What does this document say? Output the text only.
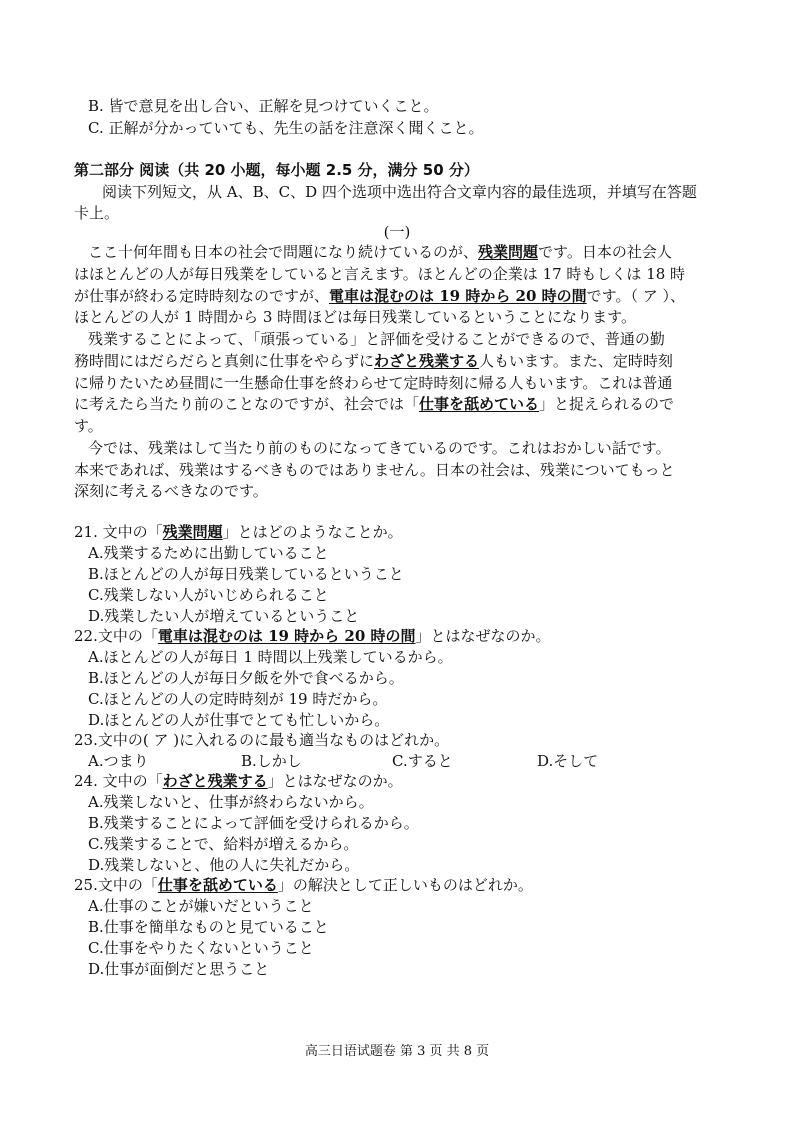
B. 皆で意見を出し合い、正解を見つけていくこと。
C. 正解が分かっていても、先生の話を注意深く聞くこと。
第二部分 阅读（共 20 小题，每小题 2.5 分，满分 50 分）
阅读下列短文，从 A、B、C、D 四个选项中选出符合文章内容的最佳选项，并填写在答题
卡上。
(一)
ここ十何年間も日本の社会で問題になり続けているのが、残業問題です。日本の社会人
はほとんどの人が毎日残業をしていると言えます。ほとんどの企業は 17 時もしくは 18 時
が仕事が終わる定時時刻なのですが、電車は混むのは 19 時から 20 時の間です。（ ア ）、
ほとんどの人が 1 時間から 3 時間ほどは毎日残業しているということになります。
残業することによって、「頑張っている」と評価を受けることができるので、普通の勤
務時間にはだらだらと真剣に仕事をやらずにわざと残業する人もいます。また、定時時刻
に帰りたいため昼間に一生懸命仕事を終わらせて定時時刻に帰る人もいます。これは普通
に考えたら当たり前のことなのですが、社会では「仕事を舐めている」と捉えられるので
す。
今では、残業はして当たり前のものになってきているのです。これはおかしい話です。
本来であれば、残業はするべきものではありません。日本の社会は、残業についてもっと
深刻に考えるべきなのです。
21. 文中の「残業問題」とはどのようなことか。
A.残業するために出勤していること
B.ほとんどの人が毎日残業しているということ
C.残業しない人がいじめられること
D.残業したい人が増えているということ
22.文中の「電車は混むのは 19 時から 20 時の間」とはなぜなのか。
A.ほとんどの人が毎日 1 時間以上残業しているから。
B.ほとんどの人が毎日夕飯を外で食べるから。
C.ほとんどの人の定時時刻が 19 時だから。
D.ほとんどの人が仕事でとても忙しいから。
23.文中の( ア )に入れるのに最も適当なものはどれか。
A.つまり	B.しかし	C.すると	D.そして
24. 文中の「わざと残業する」とはなぜなのか。
A.残業しないと、仕事が終わらないから。
B.残業することによって評価を受けられるから。
C.残業することで、給料が増えるから。
D.残業しないと、他の人に失礼だから。
25.文中の「仕事を舐めている」の解決として正しいものはどれか。
A.仕事のことが嫌いだということ
B.仕事を簡単なものと見ていること
C.仕事をやりたくないということ
D.仕事が面倒だと思うこと
高三日语试题卷 第 3 页 共 8 页
